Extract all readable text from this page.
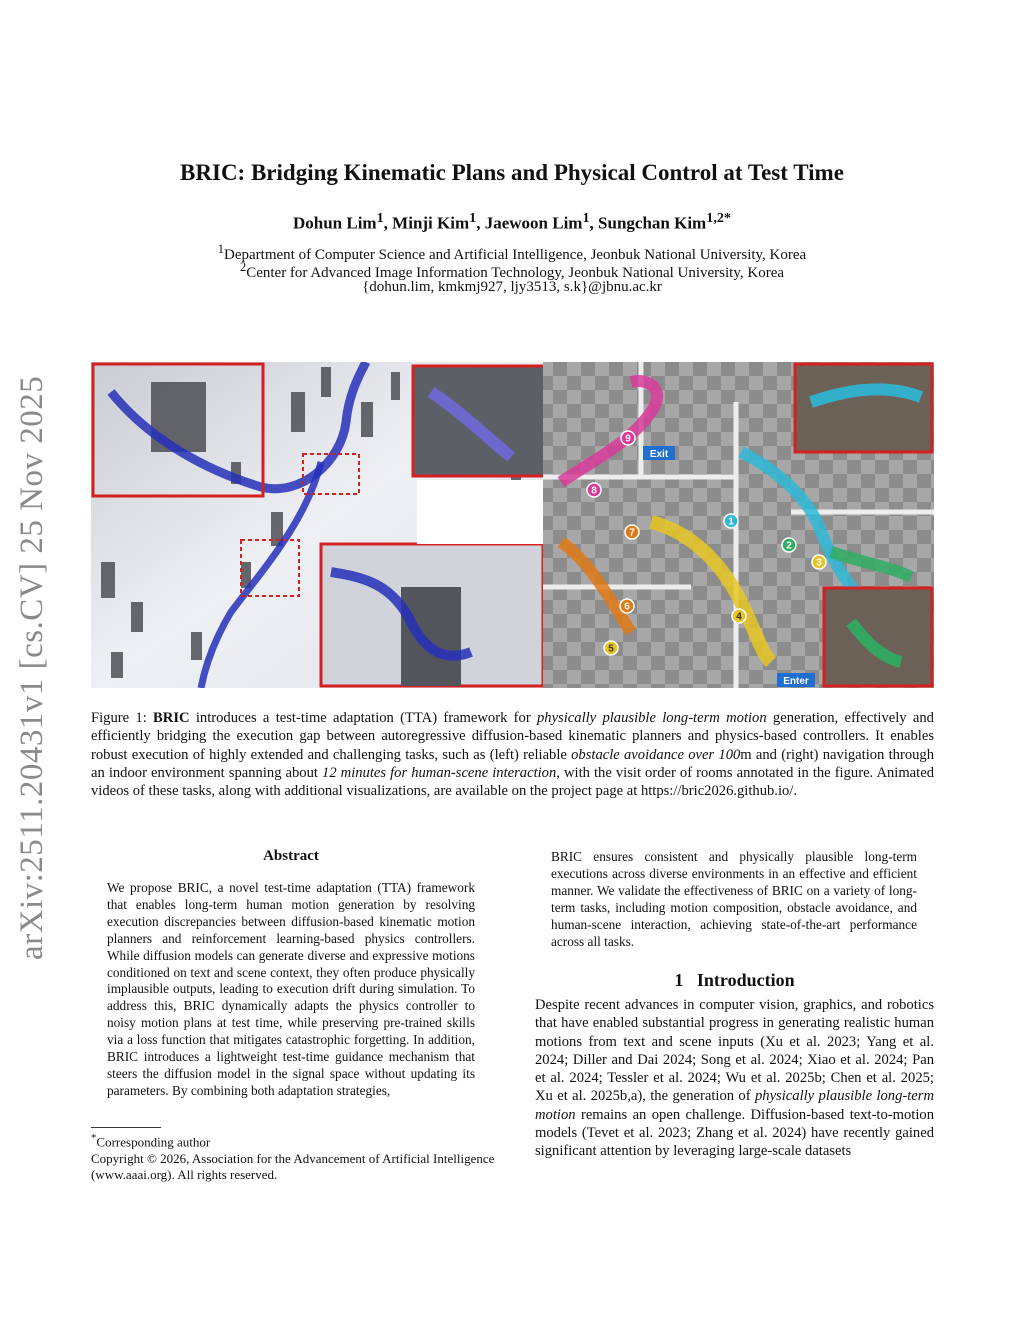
arXiv:2511.20431v1 [cs.CV] 25 Nov 2025
BRIC: Bridging Kinematic Plans and Physical Control at Test Time
Dohun Lim$^1$, Minji Kim$^1$, Jaewoon Lim$^1$, Sungchan Kim$^{1,2*}$
$^1$Department of Computer Science and Artificial Intelligence, Jeonbuk National University, Korea
$^2$Center for Advanced Image Information Technology, Jeonbuk National University, Korea
{dohun.lim, kmkmj927, ljy3513, s.k}@jbnu.ac.kr
1
2
3
4
5
6
7
8
9
Exit
Enter
Figure 1: BRIC introduces a test-time adaptation (TTA) framework for physically plausible long-term motion generation, effectively and efficiently bridging the execution gap between autoregressive diffusion-based kinematic planners and physics-based controllers. It enables robust execution of highly extended and challenging tasks, such as (left) reliable obstacle avoidance over 100m and (right) navigation through an indoor environment spanning about 12 minutes for human-scene interaction, with the visit order of rooms annotated in the figure. Animated videos of these tasks, along with additional visualizations, are available on the project page at https://bric2026.github.io/.
Abstract
We propose BRIC, a novel test-time adaptation (TTA) framework that enables long-term human motion generation by resolving execution discrepancies between diffusion-based kinematic motion planners and reinforcement learning-based physics controllers. While diffusion models can generate diverse and expressive motions conditioned on text and scene context, they often produce physically implausible outputs, leading to execution drift during simulation. To address this, BRIC dynamically adapts the physics controller to noisy motion plans at test time, while preserving pre-trained skills via a loss function that mitigates catastrophic forgetting. In addition, BRIC introduces a lightweight test-time guidance mechanism that steers the diffusion model in the signal space without updating its parameters. By combining both adaptation strategies,
BRIC ensures consistent and physically plausible long-term executions across diverse environments in an effective and efficient manner. We validate the effectiveness of BRIC on a variety of long-term tasks, including motion composition, obstacle avoidance, and human-scene interaction, achieving state-of-the-art performance across all tasks.
1 Introduction
Despite recent advances in computer vision, graphics, and robotics that have enabled substantial progress in generating realistic human motions from text and scene inputs (Xu et al. 2023; Yang et al. 2024; Diller and Dai 2024; Song et al. 2024; Xiao et al. 2024; Pan et al. 2024; Tessler et al. 2024; Wu et al. 2025b; Chen et al. 2025; Xu et al. 2025b,a), the generation of physically plausible long-term motion remains an open challenge. Diffusion-based text-to-motion models (Tevet et al. 2023; Zhang et al. 2024) have recently gained significant attention by leveraging large-scale datasets
*Corresponding author
Copyright © 2026, Association for the Advancement of Artificial Intelligence (www.aaai.org). All rights reserved.
